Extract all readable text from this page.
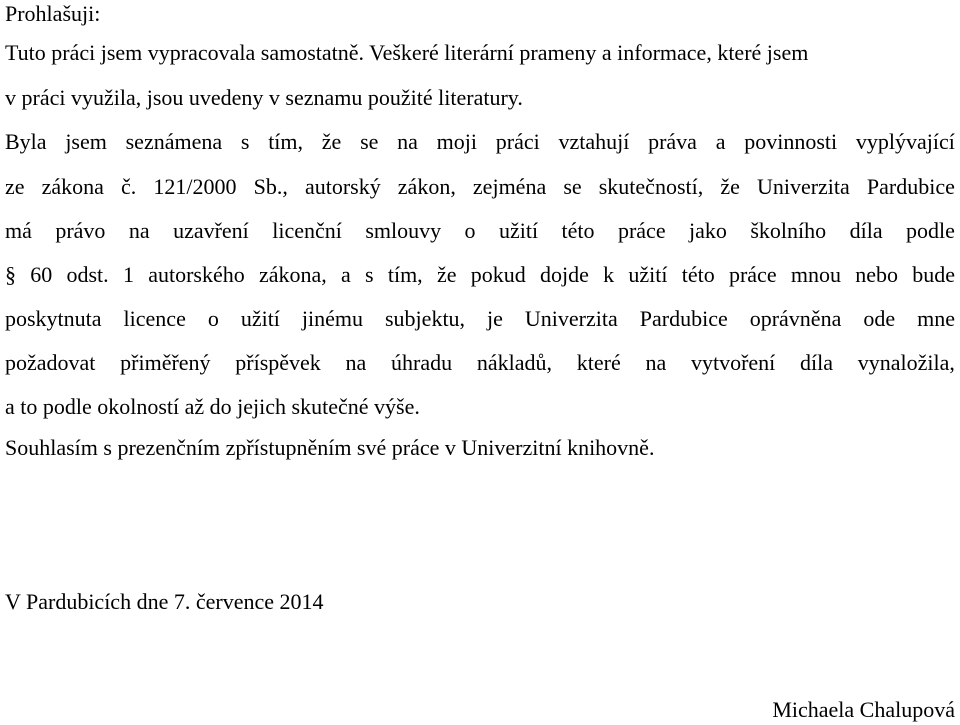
Prohlašuji:
Tuto práci jsem vypracovala samostatně. Veškeré literární prameny a informace, které jsem
v práci využila, jsou uvedeny v seznamu použité literatury.
Byla jsem seznámena s tím, že se na moji práci vztahují práva a povinnosti vyplývající
ze zákona č. 121/2000 Sb., autorský zákon, zejména se skutečností, že Univerzita Pardubice
má právo na uzavření licenční smlouvy o užití této práce jako školního díla podle
§ 60 odst. 1 autorského zákona, a s tím, že pokud dojde k užití této práce mnou nebo bude
poskytnuta licence o užití jinému subjektu, je Univerzita Pardubice oprávněna ode mne
požadovat přiměřený příspěvek na úhradu nákladů, které na vytvoření díla vynaložila,
a to podle okolností až do jejich skutečné výše.
Souhlasím s prezenčním zpřístupněním své práce v Univerzitní knihovně.
V Pardubicích dne 7. července 2014
Michaela Chalupová
